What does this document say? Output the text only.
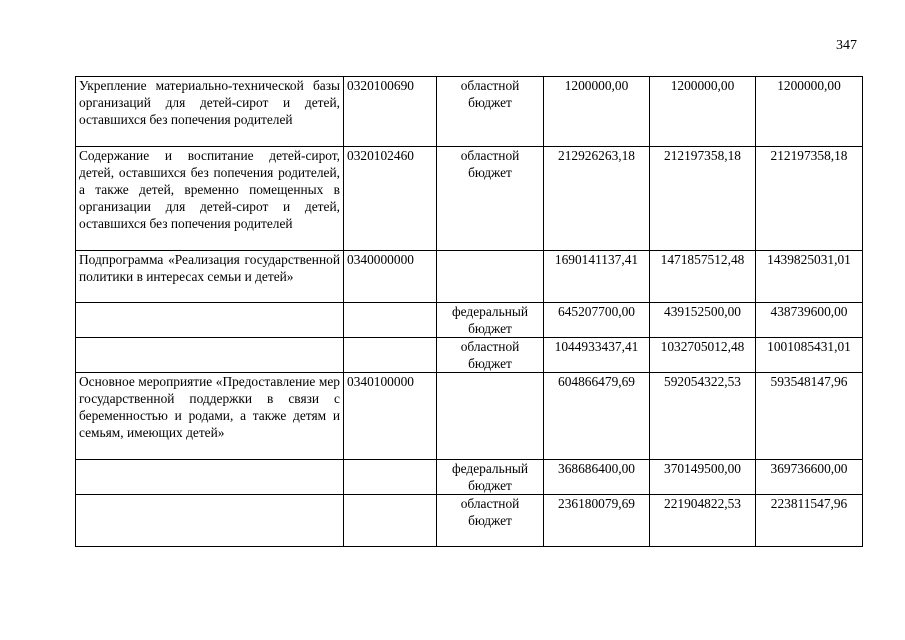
347
Укрепление материально-технической базы организаций для детей-сирот и детей, оставшихся без попечения родителей	0320100690	областной бюджет	1200000,00	1200000,00	1200000,00
Содержание и воспитание детей-сирот, детей, оставшихся без попечения родителей, а также детей, временно помещенных в организации для детей-сирот и детей, оставшихся без попечения родителей	0320102460	областной бюджет	212926263,18	212197358,18	212197358,18
Подпрограмма «Реализация государственной политики в интересах семьи и детей»	0340000000		1690141137,41	1471857512,48	1439825031,01
		федеральный бюджет	645207700,00	439152500,00	438739600,00
		областной бюджет	1044933437,41	1032705012,48	1001085431,01
Основное мероприятие «Предоставление мер государственной поддержки в связи с беременностью и родами, а также детям и семьям, имеющих детей»	0340100000		604866479,69	592054322,53	593548147,96
		федеральный бюджет	368686400,00	370149500,00	369736600,00
		областной бюджет	236180079,69	221904822,53	223811547,96
